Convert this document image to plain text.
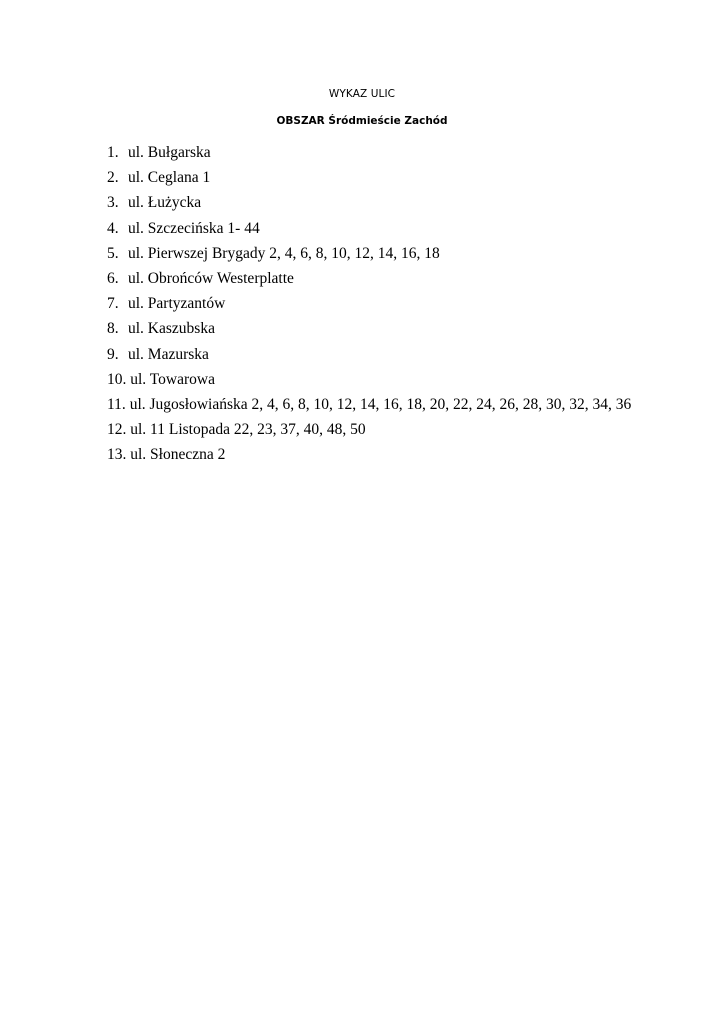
WYKAZ ULIC
OBSZAR Śródmieście Zachód
1. ul. Bułgarska
2. ul. Ceglana 1
3. ul. Łużycka
4. ul. Szczecińska 1- 44
5. ul. Pierwszej Brygady 2, 4, 6, 8, 10, 12, 14, 16, 18
6. ul. Obrońców Westerplatte
7. ul. Partyzantów
8. ul. Kaszubska
9. ul. Mazurska
10.
ul. Towarowa
11.
ul. Jugosłowiańska 2, 4, 6, 8, 10, 12, 14, 16, 18, 20, 22, 24, 26, 28, 30, 32, 34, 36
12.
ul. 11 Listopada 22, 23, 37, 40, 48, 50
13.
ul. Słoneczna 2
